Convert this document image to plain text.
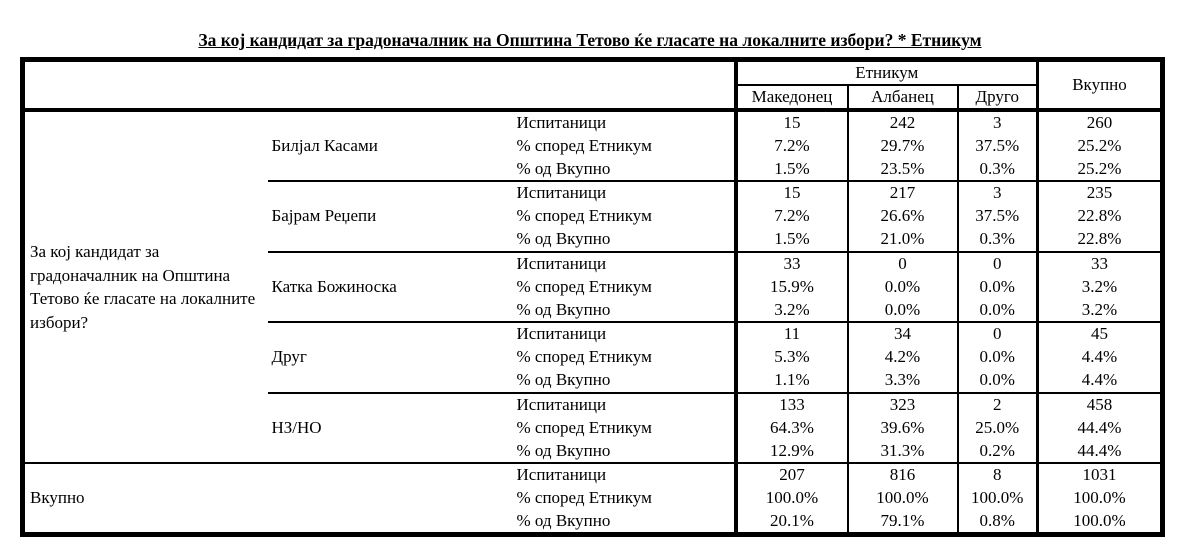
За кој кандидат за градоначалник на Општина Тетово ќе гласате на локалните избори? * Етникум
			Етникум			Вкупно
			Македонец	Албанец	Друго	
За кој кандидат за градоначалник на Општина Тетово ќе гласате на локалните избори?	Билјал Касами	Испитаници	15	242	3	260
		% според Етникум	7.2%	29.7%	37.5%	25.2%
		% од Вкупно	1.5%	23.5%	0.3%	25.2%
	Бајрам Реџепи	Испитаници	15	217	3	235
		% според Етникум	7.2%	26.6%	37.5%	22.8%
		% од Вкупно	1.5%	21.0%	0.3%	22.8%
	Катка Божиноска	Испитаници	33	0	0	33
		% според Етникум	15.9%	0.0%	0.0%	3.2%
		% од Вкупно	3.2%	0.0%	0.0%	3.2%
	Друг	Испитаници	11	34	0	45
		% според Етникум	5.3%	4.2%	0.0%	4.4%
		% од Вкупно	1.1%	3.3%	0.0%	4.4%
	НЗ/НО	Испитаници	133	323	2	458
		% според Етникум	64.3%	39.6%	25.0%	44.4%
		% од Вкупно	12.9%	31.3%	0.2%	44.4%
Вкупно		Испитаници	207	816	8	1031
		% според Етникум	100.0%	100.0%	100.0%	100.0%
		% од Вкупно	20.1%	79.1%	0.8%	100.0%
